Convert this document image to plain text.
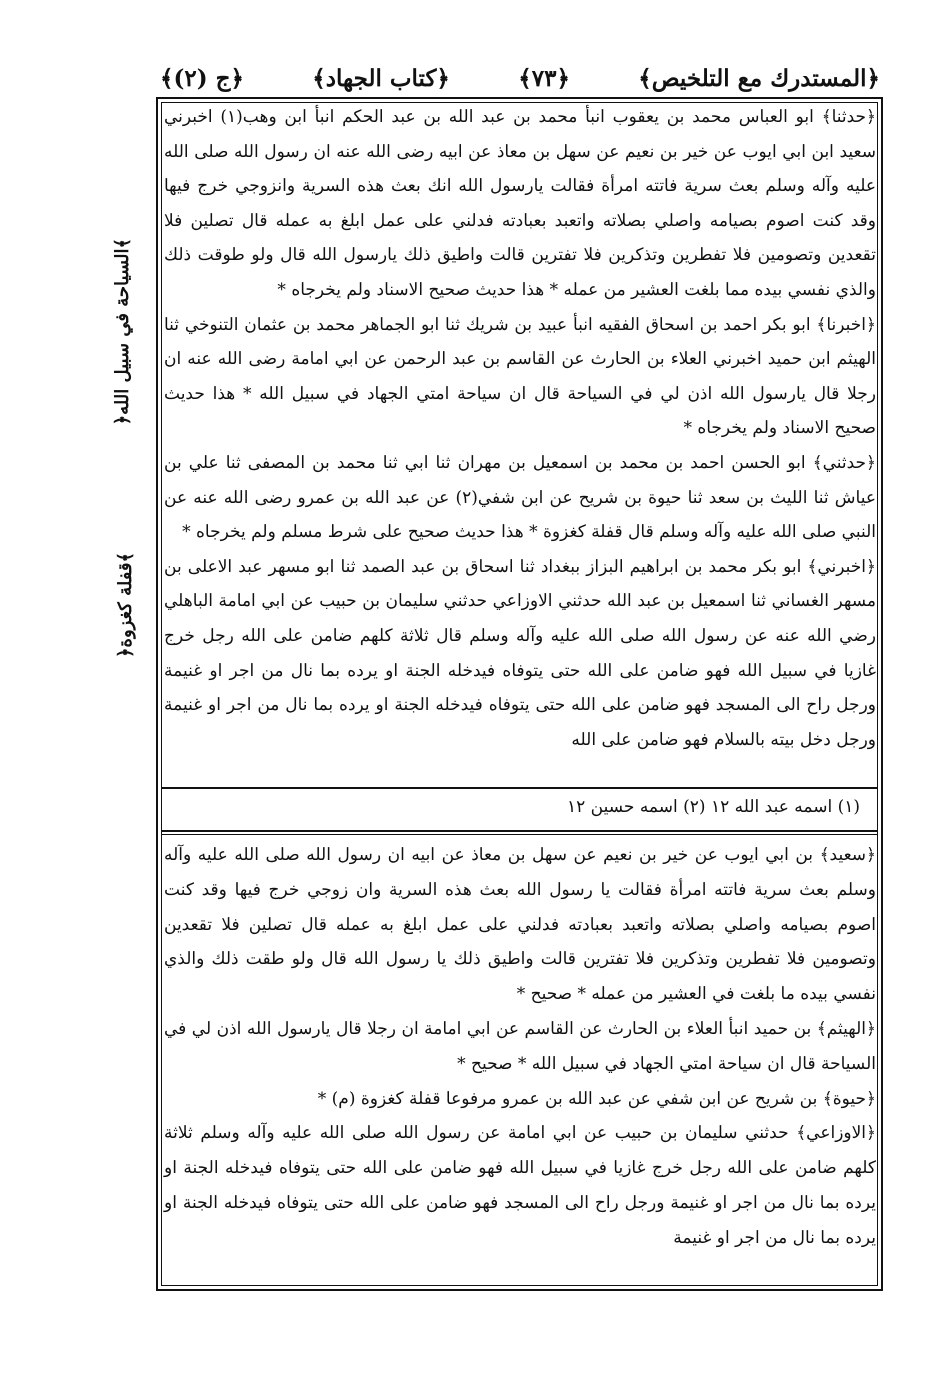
﴿المستدرك مع التلخيص﴾
﴿٧٣﴾
﴿كتاب الجهاد﴾
﴿ج (٢)﴾
﴿السياحة في سبيل الله﴾
﴿قفلة كغزوة﴾

﴿حدثنا﴾ ابو العباس محمد بن يعقوب انبأ محمد بن عبد الله بن عبد الحكم انبأ ابن وهب(١) اخبرني سعيد ابن ابي ايوب عن خير بن نعيم عن سهل بن معاذ عن ابيه رضى الله عنه ان رسول الله صلى الله عليه وآله وسلم بعث سرية فاتته امرأة فقالت يارسول الله انك بعث هذه السرية وانزوجي خرج فيها وقد كنت اصوم بصيامه واصلي بصلاته واتعبد بعبادته فدلني على عمل ابلغ به عمله قال تصلين فلا تقعدين وتصومين فلا تفطرين وتذكرين فلا تفترين قالت واطيق ذلك يارسول الله قال ولو طوقت ذلك والذي نفسي بيده مما بلغت العشير من عمله * هذا حديث صحيح الاسناد ولم يخرجاه *

﴿اخبرنا﴾ ابو بكر احمد بن اسحاق الفقيه انبأ عبيد بن شريك ثنا ابو الجماهر محمد بن عثمان التنوخي ثنا الهيثم ابن حميد اخبرني العلاء بن الحارث عن القاسم بن عبد الرحمن عن ابي امامة رضى الله عنه ان رجلا قال يارسول الله اذن لي في السياحة قال ان سياحة امتي الجهاد في سبيل الله * هذا حديث صحيح الاسناد ولم يخرجاه *

﴿حدثني﴾ ابو الحسن احمد بن محمد بن اسمعيل بن مهران ثنا ابي ثنا محمد بن المصفى ثنا علي بن عياش ثنا الليث بن سعد ثنا حيوة بن شريح عن ابن شفي(٢) عن عبد الله بن عمرو رضى الله عنه عن النبي صلى الله عليه وآله وسلم قال قفلة كغزوة * هذا حديث صحيح على شرط مسلم ولم يخرجاه *

﴿اخبرني﴾ ابو بكر محمد بن ابراهيم البزاز ببغداد ثنا اسحاق بن عبد الصمد ثنا ابو مسهر عبد الاعلى بن مسهر الغساني ثنا اسمعيل بن عبد الله حدثني الاوزاعي حدثني سليمان بن حبيب عن ابي امامة الباهلي رضي الله عنه عن رسول الله صلى الله عليه وآله وسلم قال ثلاثة كلهم ضامن على الله رجل خرج غازيا في سبيل الله فهو ضامن على الله حتى يتوفاه فيدخله الجنة او يرده بما نال من اجر او غنيمة ورجل راح الى المسجد فهو ضامن على الله حتى يتوفاه فيدخله الجنة او يرده بما نال من اجر او غنيمة ورجل دخل بيته بالسلام فهو ضامن على الله

(١) اسمه عبد الله ١٢ (٢) اسمه حسين ١٢

﴿سعيد﴾ بن ابي ايوب عن خير بن نعيم عن سهل بن معاذ عن ابيه ان رسول الله صلى الله عليه وآله وسلم بعث سرية فاتته امرأة فقالت يا رسول الله بعث هذه السرية وان زوجي خرج فيها وقد كنت اصوم بصيامه واصلي بصلاته واتعبد بعبادته فدلني على عمل ابلغ به عمله قال تصلين فلا تقعدين وتصومين فلا تفطرين وتذكرين فلا تفترين قالت واطيق ذلك يا رسول الله قال ولو طقت ذلك والذي نفسي بيده ما بلغت في العشير من عمله * صحيح *

﴿الهيثم﴾ بن حميد انبأ العلاء بن الحارث عن القاسم عن ابي امامة ان رجلا قال يارسول الله اذن لي في السياحة قال ان سياحة امتي الجهاد في سبيل الله * صحيح *

﴿حيوة﴾ بن شريح عن ابن شفي عن عبد الله بن عمرو مرفوعا قفلة كغزوة (م) *

﴿الاوزاعي﴾ حدثني سليمان بن حبيب عن ابي امامة عن رسول الله صلى الله عليه وآله وسلم ثلاثة كلهم ضامن على الله رجل خرج غازيا في سبيل الله فهو ضامن على الله حتى يتوفاه فيدخله الجنة او يرده بما نال من اجر او غنيمة ورجل راح الى المسجد فهو ضامن على الله حتى يتوفاه فيدخله الجنة او يرده بما نال من اجر او غنيمة
